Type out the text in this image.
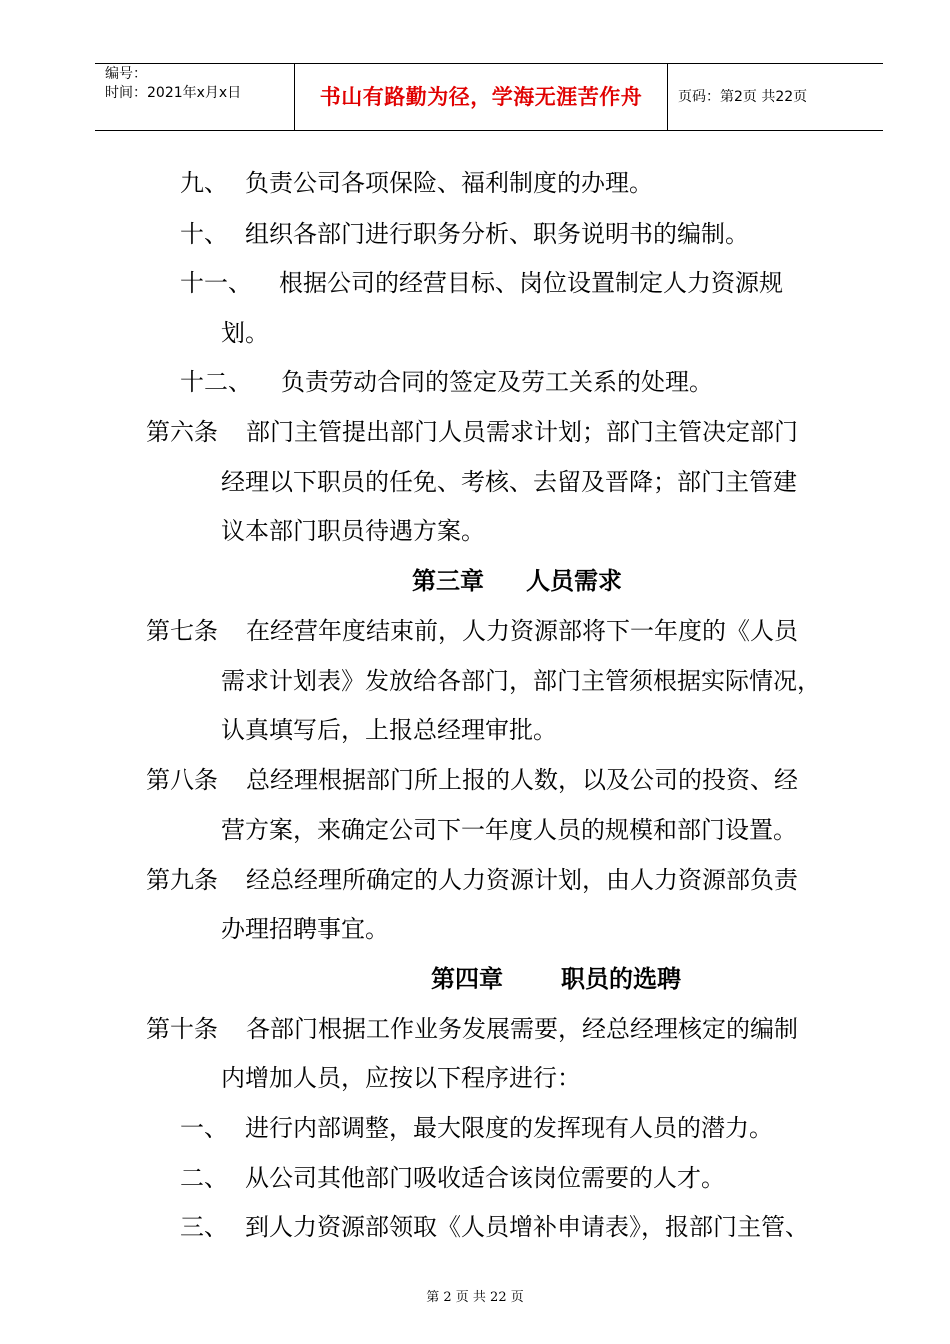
编号：
时间：2021年x月x日	书山有路勤为径，学海无涯苦作舟	页码：第2页 共22页
九、 负责公司各项保险、福利制度的办理。
十、 组织各部门进行职务分析、职务说明书的编制。
十一、 根据公司的经营目标、岗位设置制定人力资源规
划。
十二、 负责劳动合同的签定及劳工关系的处理。
第六条 部门主管提出部门人员需求计划；部门主管决定部门
经理以下职员的任免、考核、去留及晋降；部门主管建
议本部门职员待遇方案。
第三章 人员需求
第七条 在经营年度结束前，人力资源部将下一年度的《人员
需求计划表》发放给各部门，部门主管须根据实际情况，
认真填写后，上报总经理审批。
第八条 总经理根据部门所上报的人数，以及公司的投资、经
营方案，来确定公司下一年度人员的规模和部门设置。
第九条 经总经理所确定的人力资源计划，由人力资源部负责
办理招聘事宜。
第四章 职员的选聘
第十条 各部门根据工作业务发展需要，经总经理核定的编制
内增加人员，应按以下程序进行：
一、 进行内部调整，最大限度的发挥现有人员的潜力。
二、 从公司其他部门吸收适合该岗位需要的人才。
三、 到人力资源部领取《人员增补申请表》，报部门主管、
第 2 页 共 22 页
